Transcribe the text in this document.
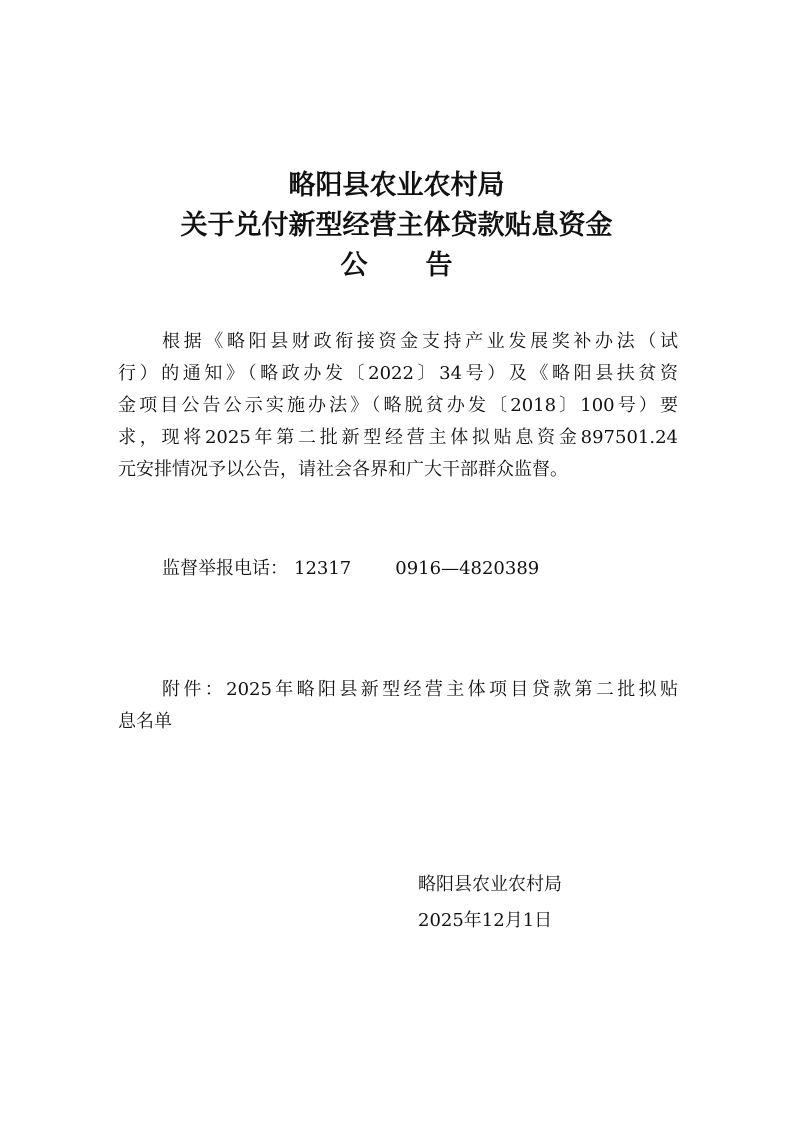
略阳县农业农村局
关于兑付新型经营主体贷款贴息资金
公 告
根据《略阳县财政衔接资金支持产业发展奖补办法（试
行）的通知》（略政办发〔2022〕34号）及《略阳县扶贫资
金项目公告公示实施办法》（略脱贫办发〔2018〕100号）要
求，现将2025年第二批新型经营主体拟贴息资金897501.24
元安排情况予以公告，请社会各界和广大干部群众监督。
监督举报电话： 12317 0916—4820389
附件：2025年略阳县新型经营主体项目贷款第二批拟贴
息名单
略阳县农业农村局
2025年12月1日
